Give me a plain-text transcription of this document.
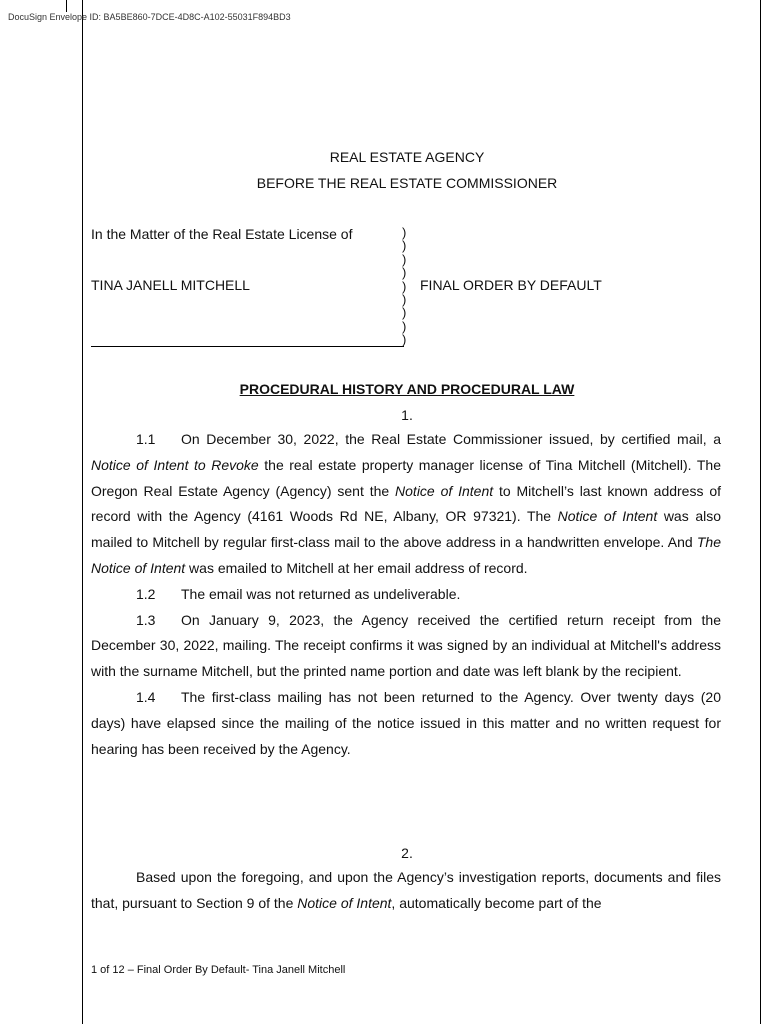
DocuSign Envelope ID: BA5BE860-7DCE-4D8C-A102-55031F894BD3
REAL ESTATE AGENCY
BEFORE THE REAL ESTATE COMMISSIONER
In the Matter of the Real Estate License of
TINA JANELL MITCHELL	FINAL ORDER BY DEFAULT
)
)
)
)
)
)
)
)
)
PROCEDURAL HISTORY AND PROCEDURAL LAW
1.

1.1 On December 30, 2022, the Real Estate Commissioner issued, by certified mail, a Notice of Intent to Revoke the real estate property manager license of Tina Mitchell (Mitchell). The Oregon Real Estate Agency (Agency) sent the Notice of Intent to Mitchell’s last known address of record with the Agency (4161 Woods Rd NE, Albany, OR 97321). The Notice of Intent was also mailed to Mitchell by regular first-class mail to the above address in a handwritten envelope. And The Notice of Intent was emailed to Mitchell at her email address of record.

1.2 The email was not returned as undeliverable.

1.3 On January 9, 2023, the Agency received the certified return receipt from the December 30, 2022, mailing. The receipt confirms it was signed by an individual at Mitchell's address with the surname Mitchell, but the printed name portion and date was left blank by the recipient.

1.4 The first-class mailing has not been returned to the Agency. Over twenty days (20 days) have elapsed since the mailing of the notice issued in this matter and no written request for hearing has been received by the Agency.

2.

Based upon the foregoing, and upon the Agency’s investigation reports, documents and files that, pursuant to Section 9 of the Notice of Intent, automatically become part of the

1 of 12 – Final Order By Default- Tina Janell Mitchell
